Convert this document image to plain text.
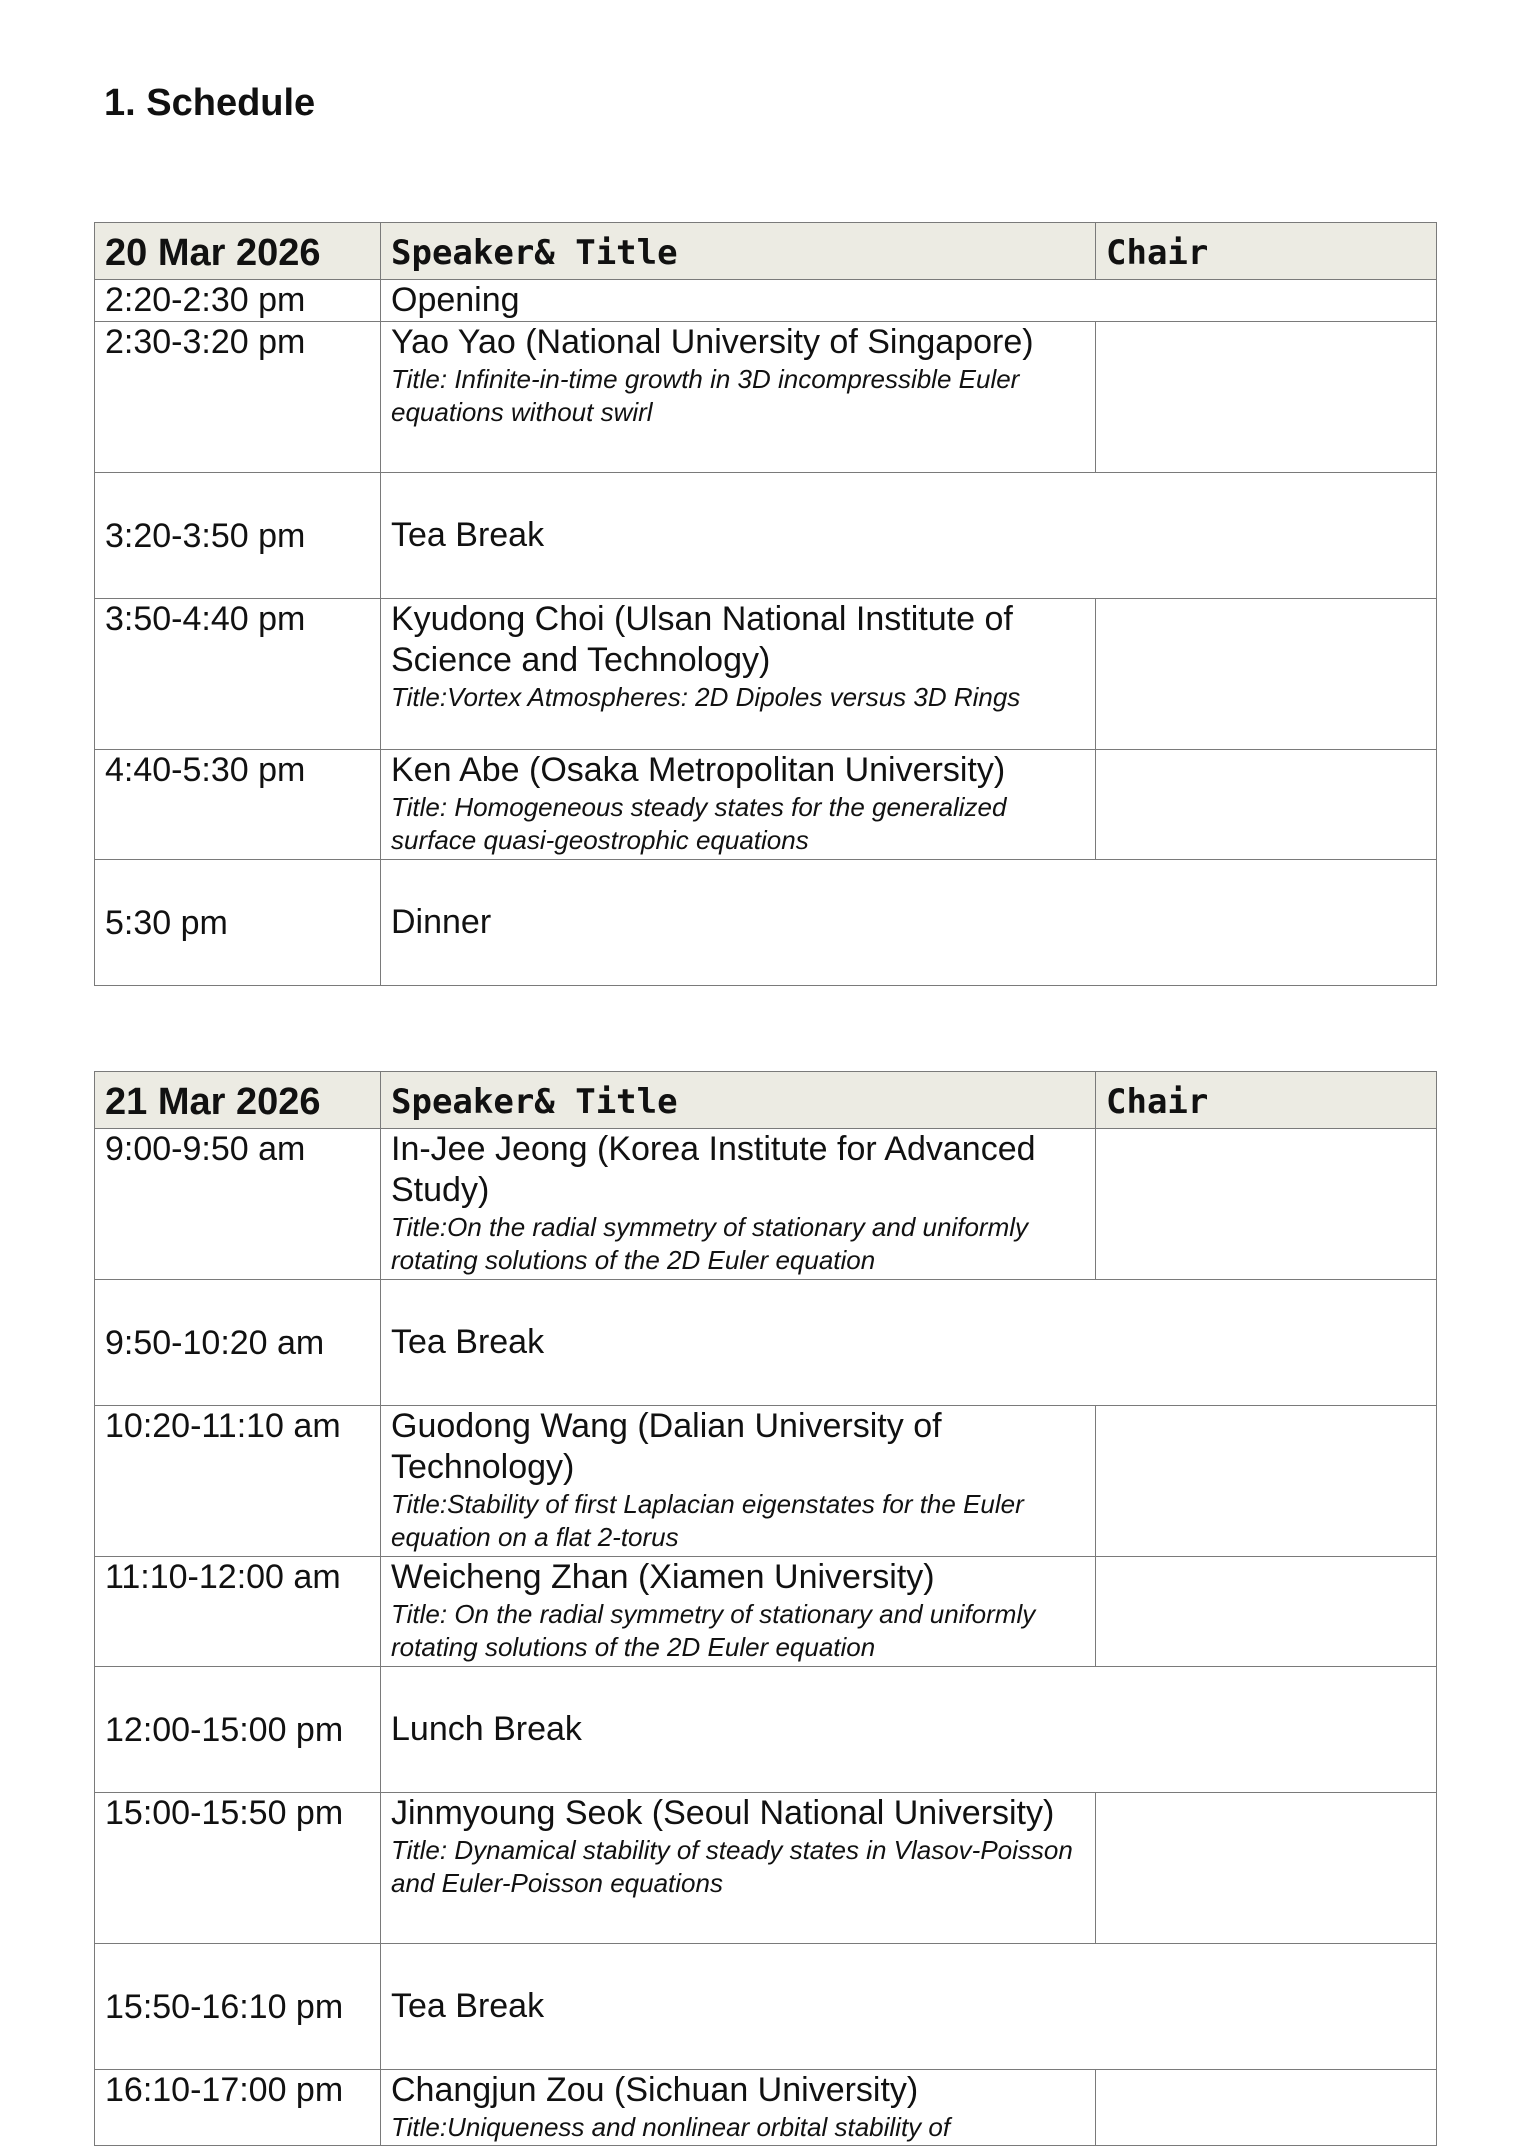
1. Schedule
20 Mar 2026	Speaker& Title	Chair
2:20-2:30 pm	Opening	
2:30-3:20 pm	Yao Yao (National University of Singapore)
Title: Infinite-in-time growth in 3D incompressible Euler equations without swirl	

3:20-3:50 pm	Tea Break	
3:50-4:40 pm	Kyudong Choi (Ulsan National Institute of Science and Technology)
Title:Vortex Atmospheres: 2D Dipoles versus 3D Rings	

4:40-5:30 pm	Ken Abe (Osaka Metropolitan University)
Title: Homogeneous steady states for the generalized surface quasi-geostrophic equations	

5:30 pm	Dinner	
21 Mar 2026	Speaker& Title	Chair
9:00-9:50 am	In-Jee Jeong (Korea Institute for Advanced Study)
Title:On the radial symmetry of stationary and uniformly rotating solutions of the 2D Euler equation	

9:50-10:20 am	Tea Break	
10:20-11:10 am	Guodong Wang (Dalian University of Technology)
Title:Stability of first Laplacian eigenstates for the Euler equation on a flat 2-torus	

11:10-12:00 am	Weicheng Zhan (Xiamen University)
Title: On the radial symmetry of stationary and uniformly rotating solutions of the 2D Euler equation	

12:00-15:00 pm	Lunch Break	
15:00-15:50 pm	Jinmyoung Seok (Seoul National University)
Title: Dynamical stability of steady states in Vlasov-Poisson and Euler-Poisson equations	

15:50-16:10 pm	Tea Break	
16:10-17:00 pm	Changjun Zou (Sichuan University)
Title:Uniqueness and nonlinear orbital stability of	
